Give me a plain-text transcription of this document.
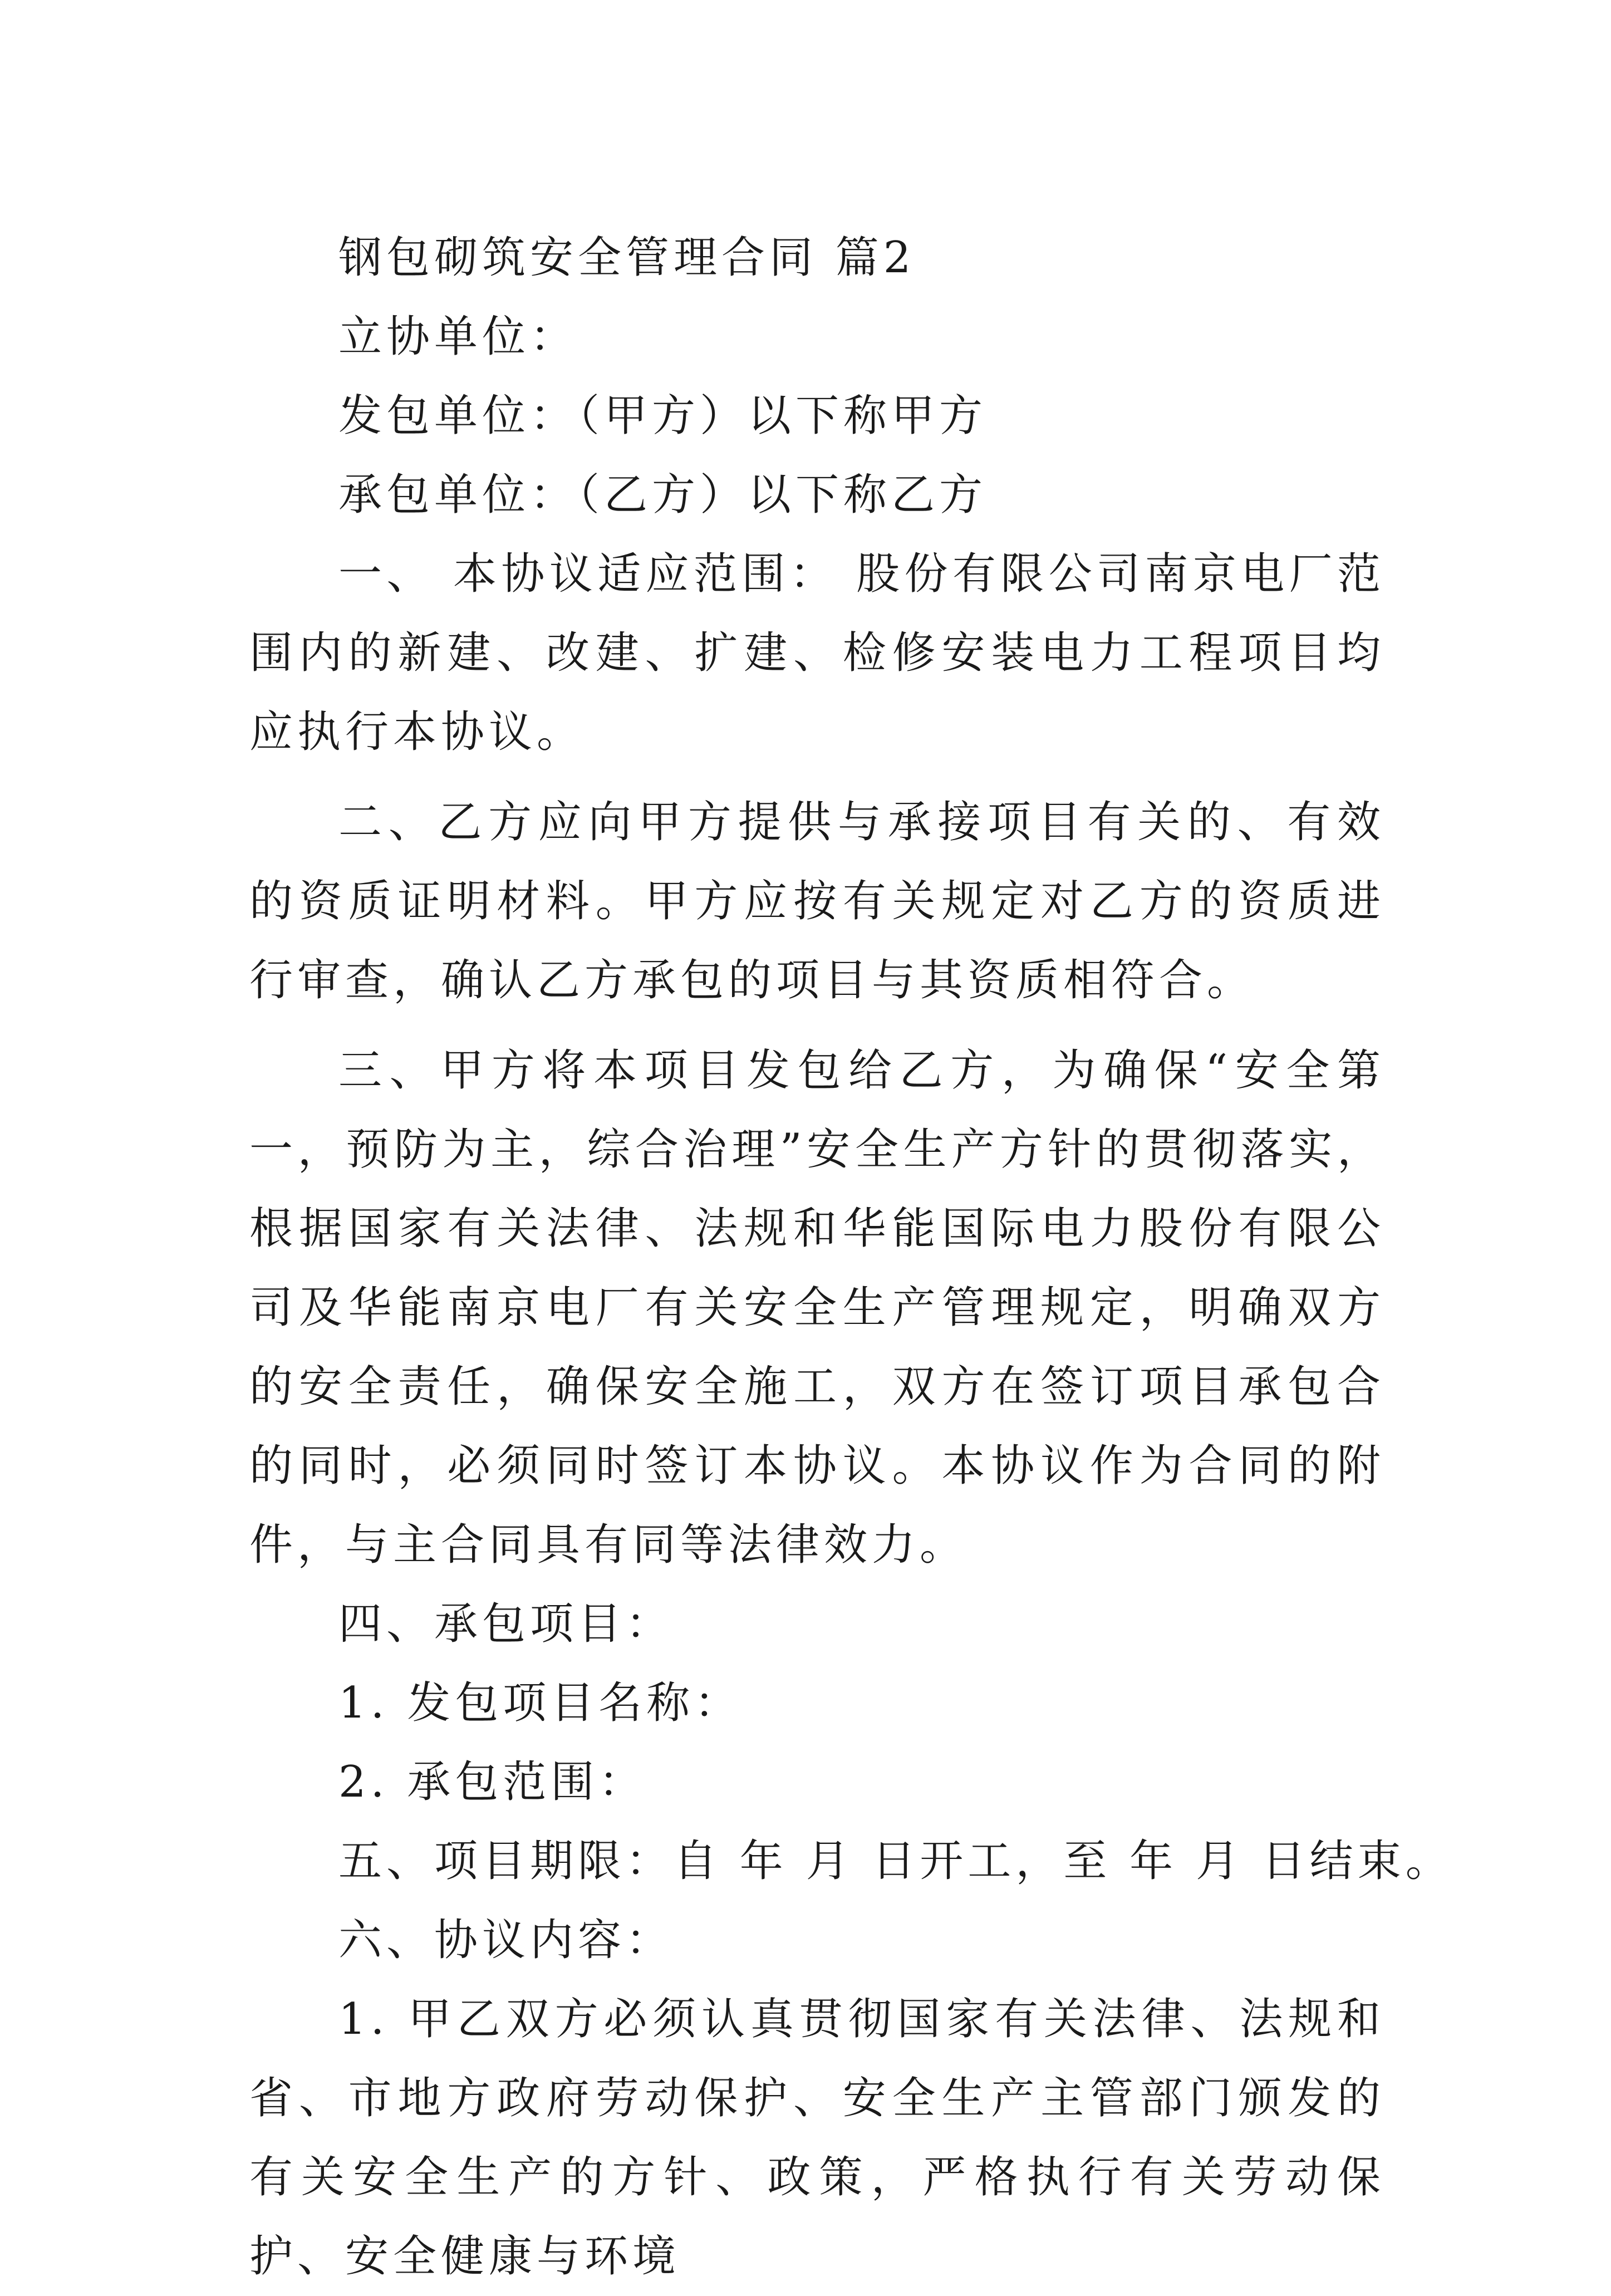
钢包砌筑安全管理合同 篇2

立协单位：

发包单位：（甲方）以下称甲方

承包单位：（乙方）以下称乙方

一、 本协议适应范围： 股份有限公司南京电厂范围内的新建、改建、扩建、检修安装电力工程项目均应执行本协议。

二、乙方应向甲方提供与承接项目有关的、有效的资质证明材料。甲方应按有关规定对乙方的资质进行审查，确认乙方承包的项目与其资质相符合。

三、甲方将本项目发包给乙方，为确保“安全第一，预防为主，综合治理”安全生产方针的贯彻落实，根据国家有关法律、法规和华能国际电力股份有限公司及华能南京电厂有关安全生产管理规定，明确双方的安全责任，确保安全施工，双方在签订项目承包合的同时，必须同时签订本协议。本协议作为合同的附件，与主合同具有同等法律效力。

四、承包项目：

1. 发包项目名称：

2. 承包范围：

五、项目期限：自 年 月 日开工，至 年 月 日结束。

六、协议内容：

1. 甲乙双方必须认真贯彻国家有关法律、法规和省、市地方政府劳动保护、安全生产主管部门颁发的有关安全生产的方针、政策，严格执行有关劳动保护、安全健康与环境
